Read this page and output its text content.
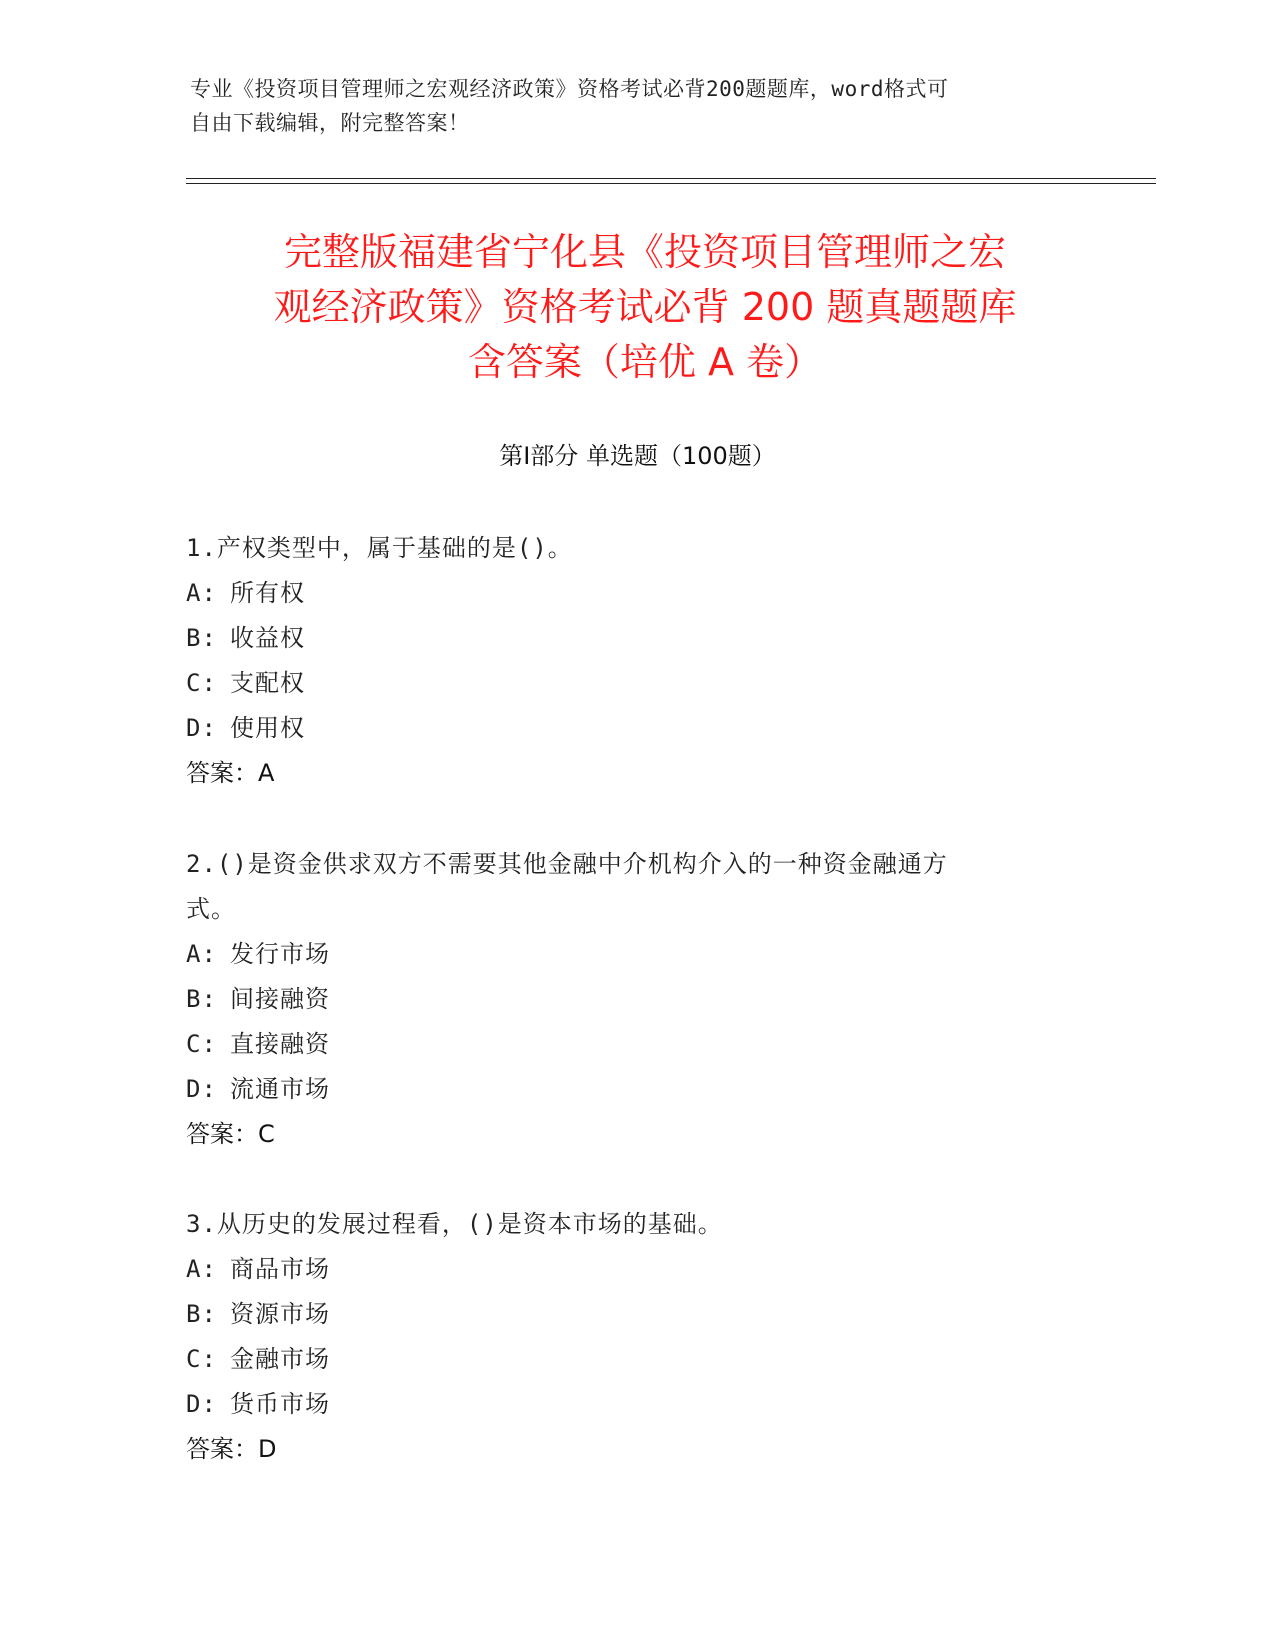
专业《投资项目管理师之宏观经济政策》资格考试必背200题题库，word格式可
自由下载编辑，附完整答案！
完整版福建省宁化县《投资项目管理师之宏
观经济政策》资格考试必背 200 题真题题库
含答案（培优 A 卷）
第Ⅰ部分 单选题（100题）
1.产权类型中，属于基础的是()。
A: 所有权
B: 收益权
C: 支配权
D: 使用权
答案：A
2.()是资金供求双方不需要其他金融中介机构介入的一种资金融通方
式。
A: 发行市场
B: 间接融资
C: 直接融资
D: 流通市场
答案：C
3.从历史的发展过程看，()是资本市场的基础。
A: 商品市场
B: 资源市场
C: 金融市场
D: 货币市场
答案：D
